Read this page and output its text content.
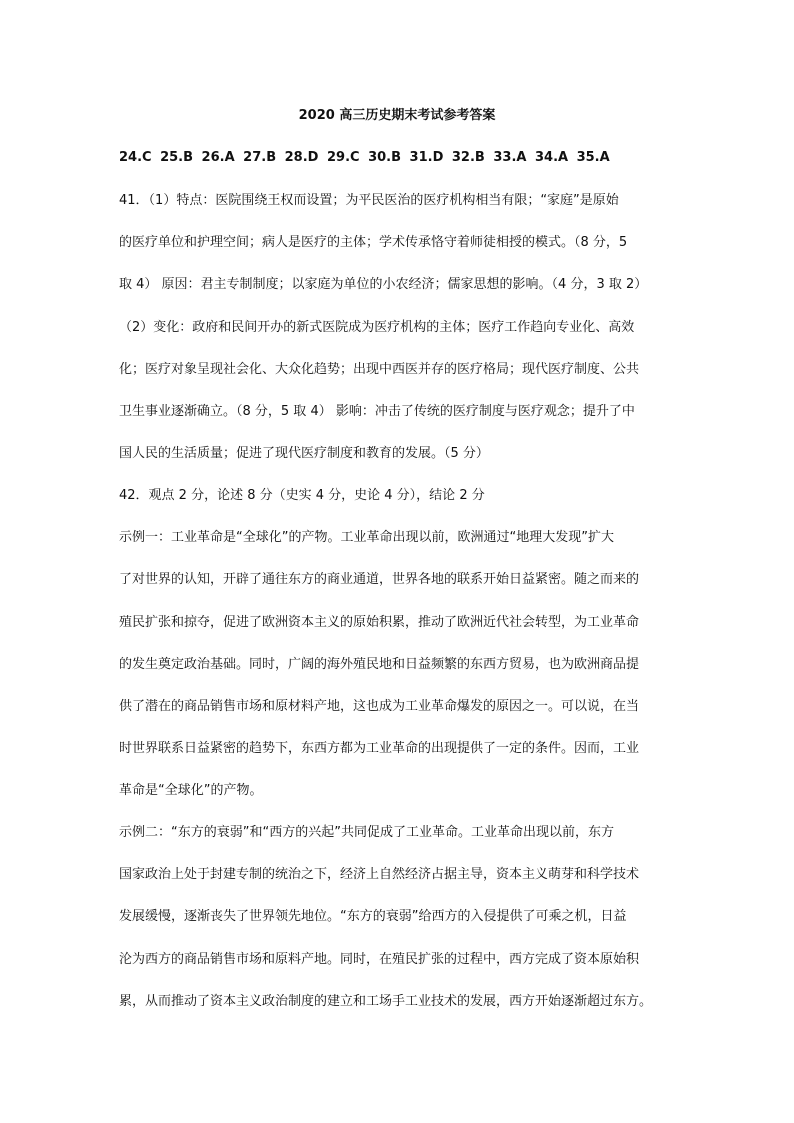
2020 高三历史期末考试参考答案
24.C 25.B 26.A 27.B 28.D 29.C 30.B 31.D 32.B 33.A 34.A 35.A
41．（1）特点：医院围绕王权而设置；为平民医治的医疗机构相当有限；“家庭”是原始
的医疗单位和护理空间；病人是医疗的主体；学术传承恪守着师徒相授的模式。（8 分，5
取 4） 原因：君主专制制度；以家庭为单位的小农经济；儒家思想的影响。（4 分，3 取 2）
（2）变化：政府和民间开办的新式医院成为医疗机构的主体；医疗工作趋向专业化、高效
化；医疗对象呈现社会化、大众化趋势；出现中西医并存的医疗格局；现代医疗制度、公共
卫生事业逐渐确立。（8 分，5 取 4） 影响：冲击了传统的医疗制度与医疗观念；提升了中
国人民的生活质量；促进了现代医疗制度和教育的发展。（5 分）
42．观点 2 分，论述 8 分（史实 4 分，史论 4 分），结论 2 分
示例一：工业革命是“全球化”的产物。工业革命出现以前，欧洲通过“地理大发现”扩大
了对世界的认知，开辟了通往东方的商业通道，世界各地的联系开始日益紧密。随之而来的
殖民扩张和掠夺，促进了欧洲资本主义的原始积累，推动了欧洲近代社会转型，为工业革命
的发生奠定政治基础。同时，广阔的海外殖民地和日益频繁的东西方贸易，也为欧洲商品提
供了潜在的商品销售市场和原材料产地，这也成为工业革命爆发的原因之一。可以说，在当
时世界联系日益紧密的趋势下，东西方都为工业革命的出现提供了一定的条件。因而，工业
革命是“全球化”的产物。
示例二：“东方的衰弱”和“西方的兴起”共同促成了工业革命。工业革命出现以前，东方
国家政治上处于封建专制的统治之下，经济上自然经济占据主导，资本主义萌芽和科学技术
发展缓慢，逐渐丧失了世界领先地位。“东方的衰弱”给西方的入侵提供了可乘之机，日益
沦为西方的商品销售市场和原料产地。同时，在殖民扩张的过程中，西方完成了资本原始积
累，从而推动了资本主义政治制度的建立和工场手工业技术的发展，西方开始逐渐超过东方。
